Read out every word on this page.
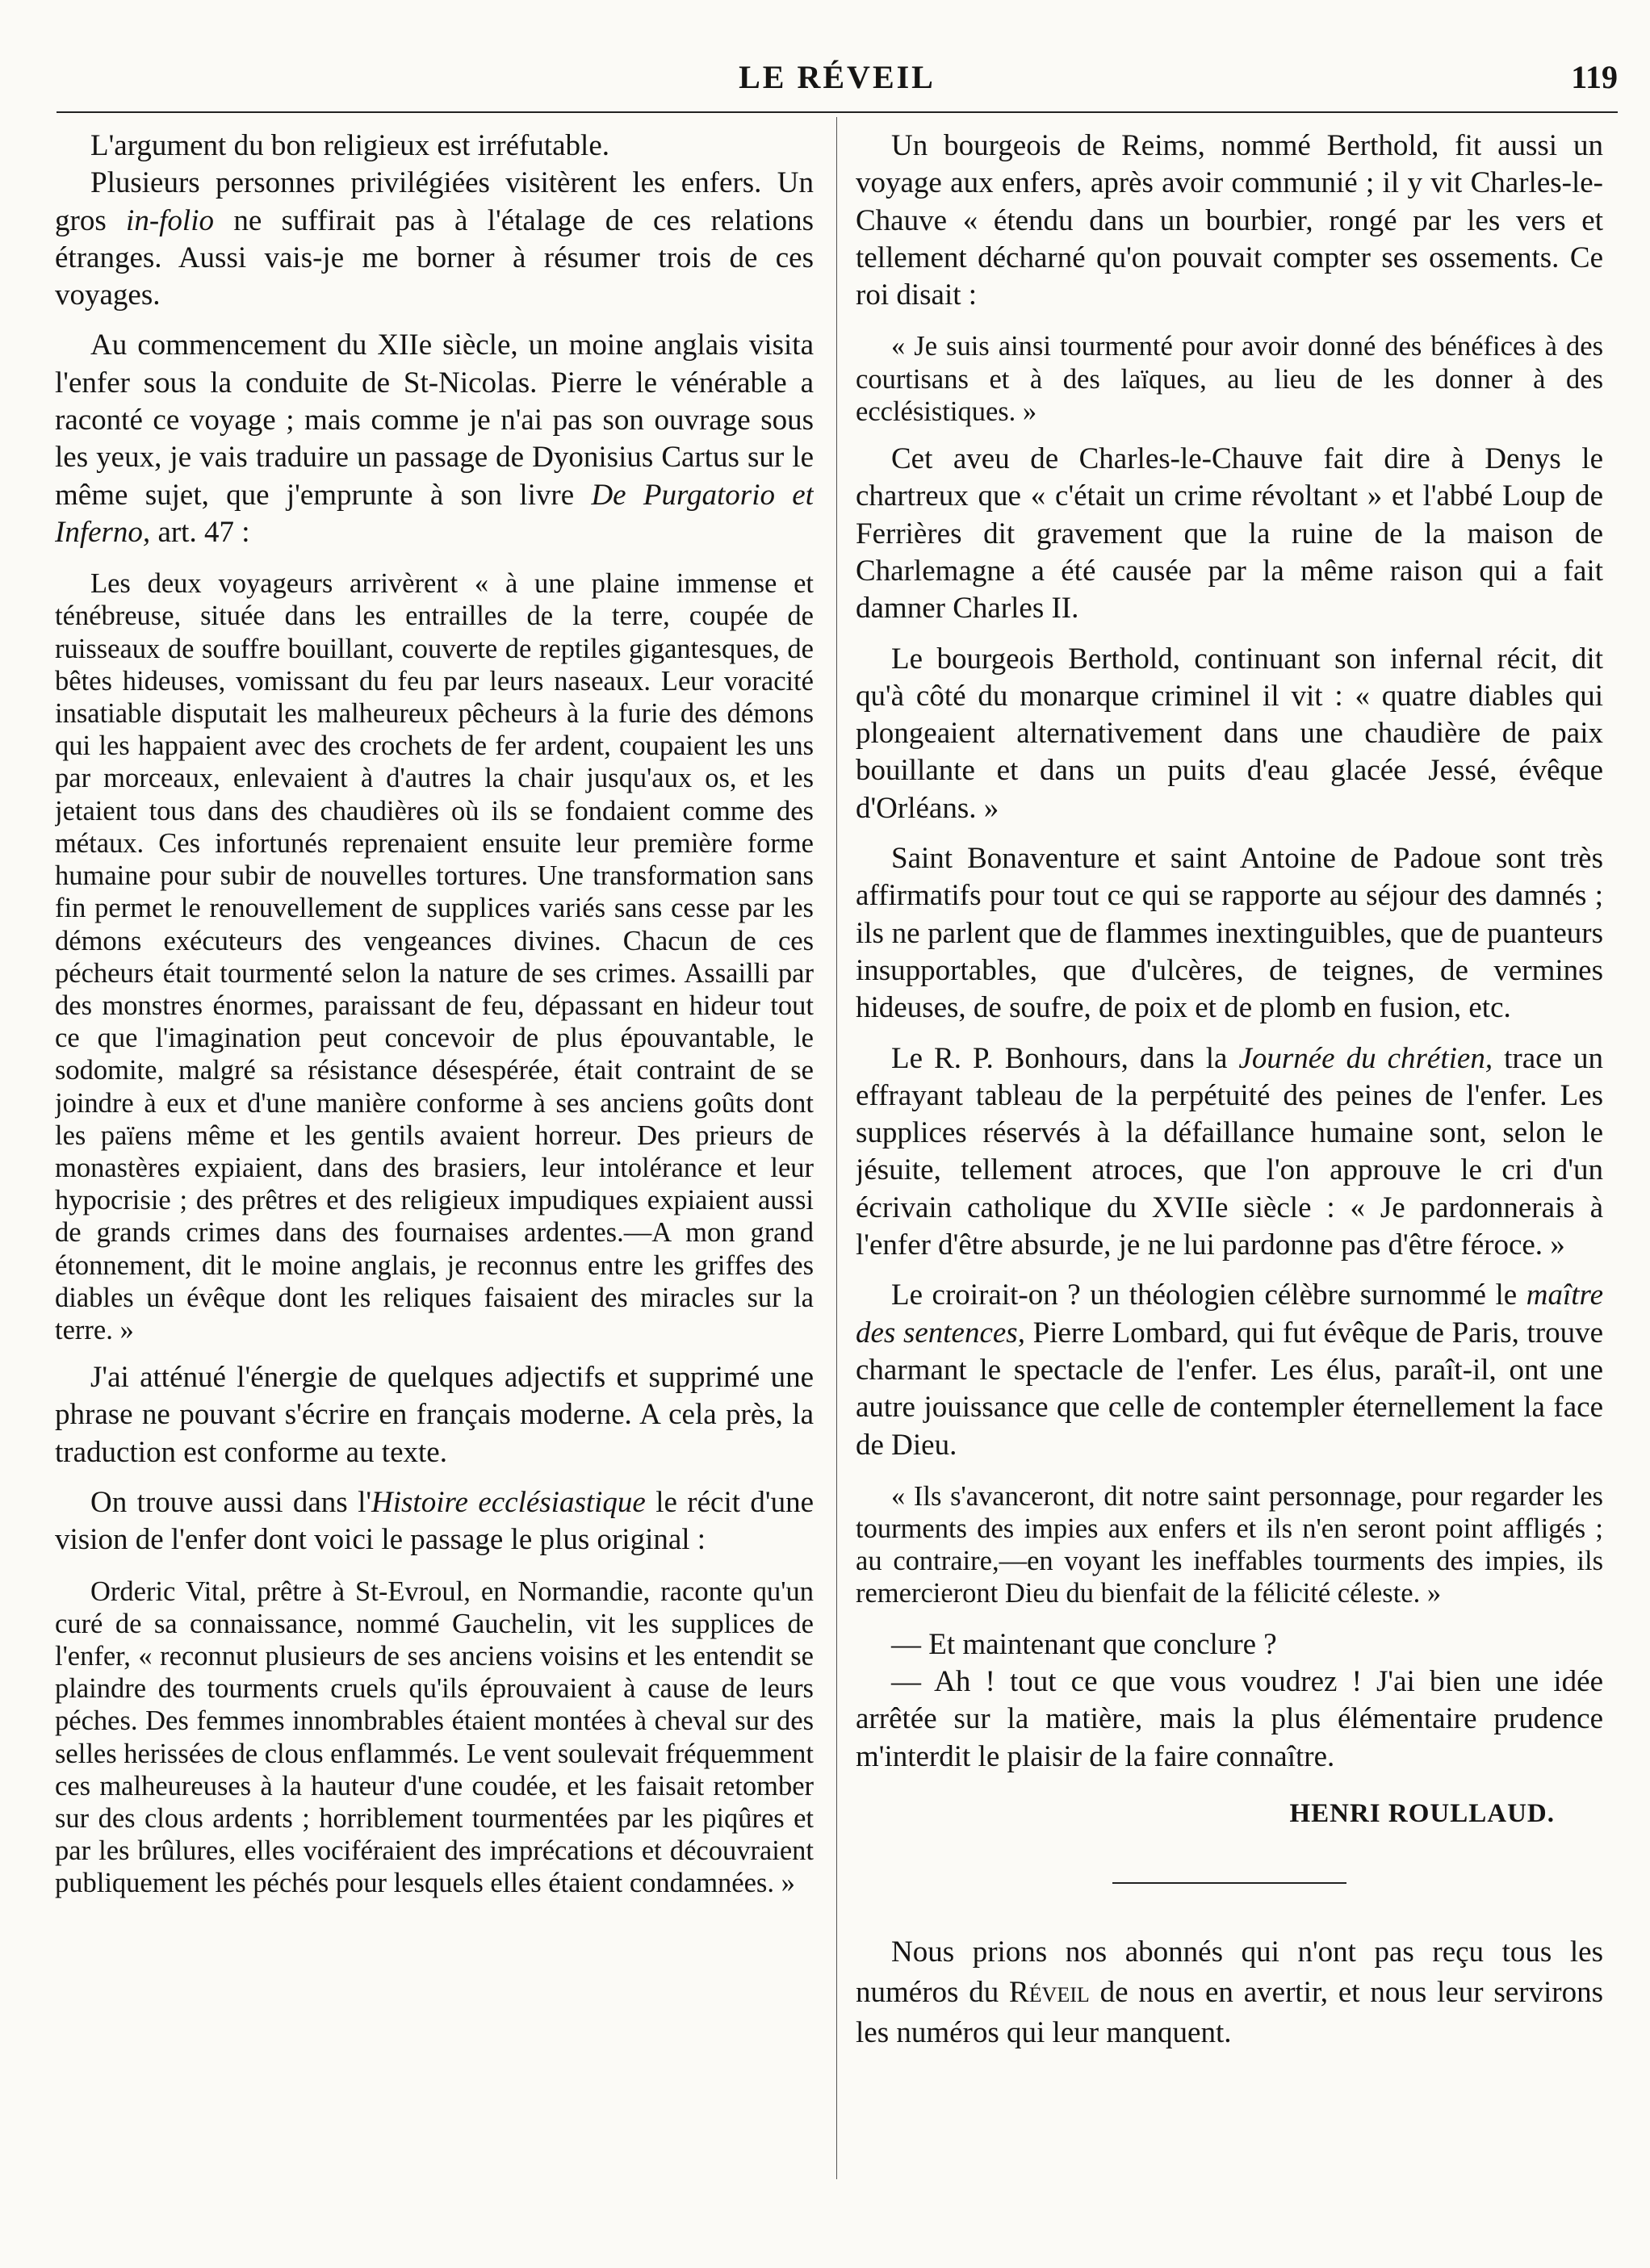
LE RÉVEIL	119

L'argument du bon religieux est irréfutable.

Plusieurs personnes privilégiées visitèrent les enfers. Un gros in-folio ne suffirait pas à l'étalage de ces relations étranges. Aussi vais-je me borner à résumer trois de ces voyages.

Au commencement du XIIe siècle, un moine anglais visita l'enfer sous la conduite de St-Nicolas. Pierre le vénérable a raconté ce voyage ; mais comme je n'ai pas son ouvrage sous les yeux, je vais traduire un passage de Dyonisius Cartus sur le même sujet, que j'emprunte à son livre De Purgatorio et Inferno, art. 47 :

Les deux voyageurs arrivèrent « à une plaine immense et ténébreuse, située dans les entrailles de la terre, coupée de ruisseaux de souffre bouillant, couverte de reptiles gigantesques, de bêtes hideuses, vomissant du feu par leurs naseaux. Leur voracité insatiable disputait les malheureux pêcheurs à la furie des démons qui les happaient avec des crochets de fer ardent, coupaient les uns par morceaux, enlevaient à d'autres la chair jusqu'aux os, et les jetaient tous dans des chaudières où ils se fondaient comme des métaux. Ces infortunés reprenaient ensuite leur première forme humaine pour subir de nouvelles tortures. Une transformation sans fin permet le renouvellement de supplices variés sans cesse par les démons exécuteurs des vengeances divines. Chacun de ces pécheurs était tourmenté selon la nature de ses crimes. Assailli par des monstres énormes, paraissant de feu, dépassant en hideur tout ce que l'imagination peut concevoir de plus épouvantable, le sodomite, malgré sa résistance désespérée, était contraint de se joindre à eux et d'une manière conforme à ses anciens goûts dont les païens même et les gentils avaient horreur. Des prieurs de monastères expiaient, dans des brasiers, leur intolérance et leur hypocrisie ; des prêtres et des religieux impudiques expiaient aussi de grands crimes dans des fournaises ardentes.—A mon grand étonnement, dit le moine anglais, je reconnus entre les griffes des diables un évêque dont les reliques faisaient des miracles sur la terre. »

J'ai atténué l'énergie de quelques adjectifs et supprimé une phrase ne pouvant s'écrire en français moderne. A cela près, la traduction est conforme au texte.

On trouve aussi dans l'Histoire ecclésiastique le récit d'une vision de l'enfer dont voici le passage le plus original :

Orderic Vital, prêtre à St-Evroul, en Normandie, raconte qu'un curé de sa connaissance, nommé Gauchelin, vit les supplices de l'enfer, « reconnut plusieurs de ses anciens voisins et les entendit se plaindre des tourments cruels qu'ils éprouvaient à cause de leurs péches. Des femmes innombrables étaient montées à cheval sur des selles herissées de clous enflammés. Le vent soulevait fréquemment ces malheureuses à la hauteur d'une coudée, et les faisait retomber sur des clous ardents ; horriblement tourmentées par les piqûres et par les brûlures, elles vociféraient des imprécations et découvraient publiquement les péchés pour lesquels elles étaient condamnées. »

Un bourgeois de Reims, nommé Berthold, fit aussi un voyage aux enfers, après avoir communié ; il y vit Charles-le-Chauve « étendu dans un bourbier, rongé par les vers et tellement décharné qu'on pouvait compter ses ossements. Ce roi disait :

« Je suis ainsi tourmenté pour avoir donné des bénéfices à des courtisans et à des laïques, au lieu de les donner à des ecclésistiques. »

Cet aveu de Charles-le-Chauve fait dire à Denys le chartreux que « c'était un crime révoltant » et l'abbé Loup de Ferrières dit gravement que la ruine de la maison de Charlemagne a été causée par la même raison qui a fait damner Charles II.

Le bourgeois Berthold, continuant son infernal récit, dit qu'à côté du monarque criminel il vit : « quatre diables qui plongeaient alternativement dans une chaudière de paix bouillante et dans un puits d'eau glacée Jessé, évêque d'Orléans. »

Saint Bonaventure et saint Antoine de Padoue sont très affirmatifs pour tout ce qui se rapporte au séjour des damnés ; ils ne parlent que de flammes inextinguibles, que de puanteurs insupportables, que d'ulcères, de teignes, de vermines hideuses, de soufre, de poix et de plomb en fusion, etc.

Le R. P. Bonhours, dans la Journée du chrétien, trace un effrayant tableau de la perpétuité des peines de l'enfer. Les supplices réservés à la défaillance humaine sont, selon le jésuite, tellement atroces, que l'on approuve le cri d'un écrivain catholique du XVIIe siècle : « Je pardonnerais à l'enfer d'être absurde, je ne lui pardonne pas d'être féroce. »

Le croirait-on ? un théologien célèbre surnommé le maître des sentences, Pierre Lombard, qui fut évêque de Paris, trouve charmant le spectacle de l'enfer. Les élus, paraît-il, ont une autre jouissance que celle de contempler éternellement la face de Dieu.

« Ils s'avanceront, dit notre saint personnage, pour regarder les tourments des impies aux enfers et ils n'en seront point affligés ; au contraire,—en voyant les ineffables tourments des impies, ils remercieront Dieu du bienfait de la félicité céleste. »

— Et maintenant que conclure ?

— Ah ! tout ce que vous voudrez ! J'ai bien une idée arrêtée sur la matière, mais la plus élémentaire prudence m'interdit le plaisir de la faire connaître.

HENRI ROULLAUD.

Nous prions nos abonnés qui n'ont pas reçu tous les numéros du Réveil de nous en avertir, et nous leur servirons les numéros qui leur manquent.
